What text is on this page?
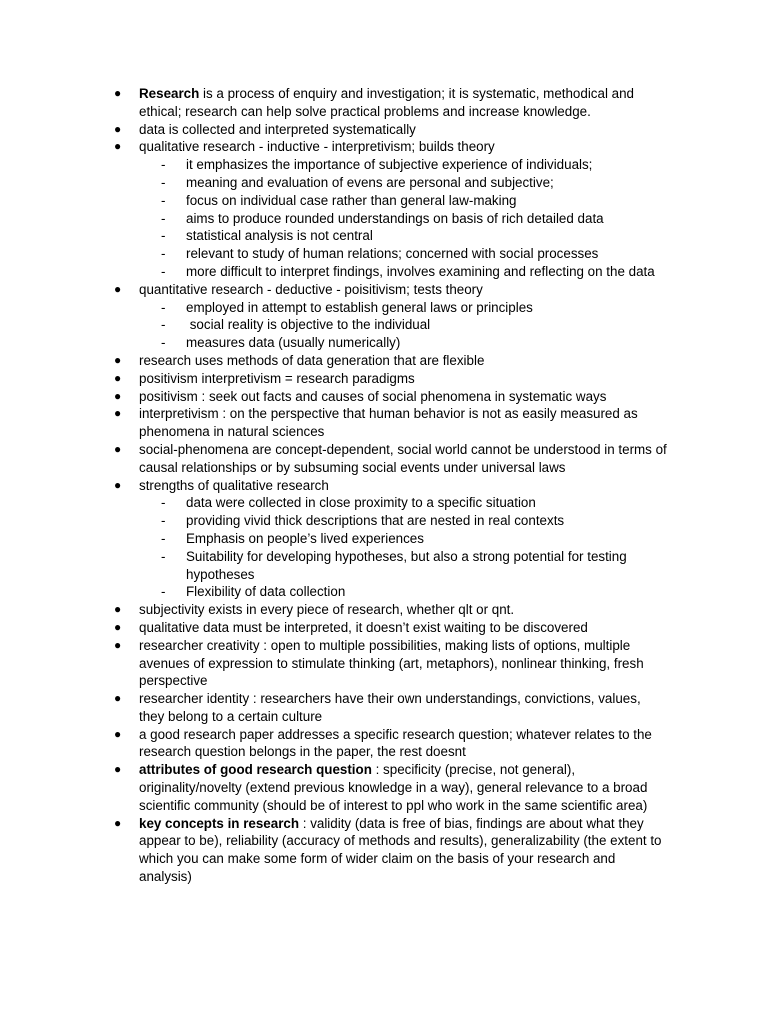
● Research is a process of enquiry and investigation; it is systematic, methodical and ethical; research can help solve practical problems and increase knowledge.
● data is collected and interpreted systematically
● qualitative research - inductive - interpretivism; builds theory
- it emphasizes the importance of subjective experience of individuals;
- meaning and evaluation of evens are personal and subjective;
- focus on individual case rather than general law-making
- aims to produce rounded understandings on basis of rich detailed data
- statistical analysis is not central
- relevant to study of human relations; concerned with social processes
- more difficult to interpret findings, involves examining and reflecting on the data
● quantitative research - deductive - poisitivism; tests theory
- employed in attempt to establish general laws or principles
- social reality is objective to the individual
- measures data (usually numerically)
● research uses methods of data generation that are flexible
● positivism interpretivism = research paradigms
● positivism : seek out facts and causes of social phenomena in systematic ways
● interpretivism : on the perspective that human behavior is not as easily measured as phenomena in natural sciences
● social-phenomena are concept-dependent, social world cannot be understood in terms of causal relationships or by subsuming social events under universal laws
● strengths of qualitative research
- data were collected in close proximity to a specific situation
- providing vivid thick descriptions that are nested in real contexts
- Emphasis on people’s lived experiences
- Suitability for developing hypotheses, but also a strong potential for testing hypotheses
- Flexibility of data collection
● subjectivity exists in every piece of research, whether qlt or qnt.
● qualitative data must be interpreted, it doesn’t exist waiting to be discovered
● researcher creativity : open to multiple possibilities, making lists of options, multiple avenues of expression to stimulate thinking (art, metaphors), nonlinear thinking, fresh perspective
● researcher identity : researchers have their own understandings, convictions, values, they belong to a certain culture
● a good research paper addresses a specific research question; whatever relates to the research question belongs in the paper, the rest doesnt
● attributes of good research question : specificity (precise, not general), originality/novelty (extend previous knowledge in a way), general relevance to a broad scientific community (should be of interest to ppl who work in the same scientific area)
● key concepts in research : validity (data is free of bias, findings are about what they appear to be), reliability (accuracy of methods and results), generalizability (the extent to which you can make some form of wider claim on the basis of your research and analysis)
